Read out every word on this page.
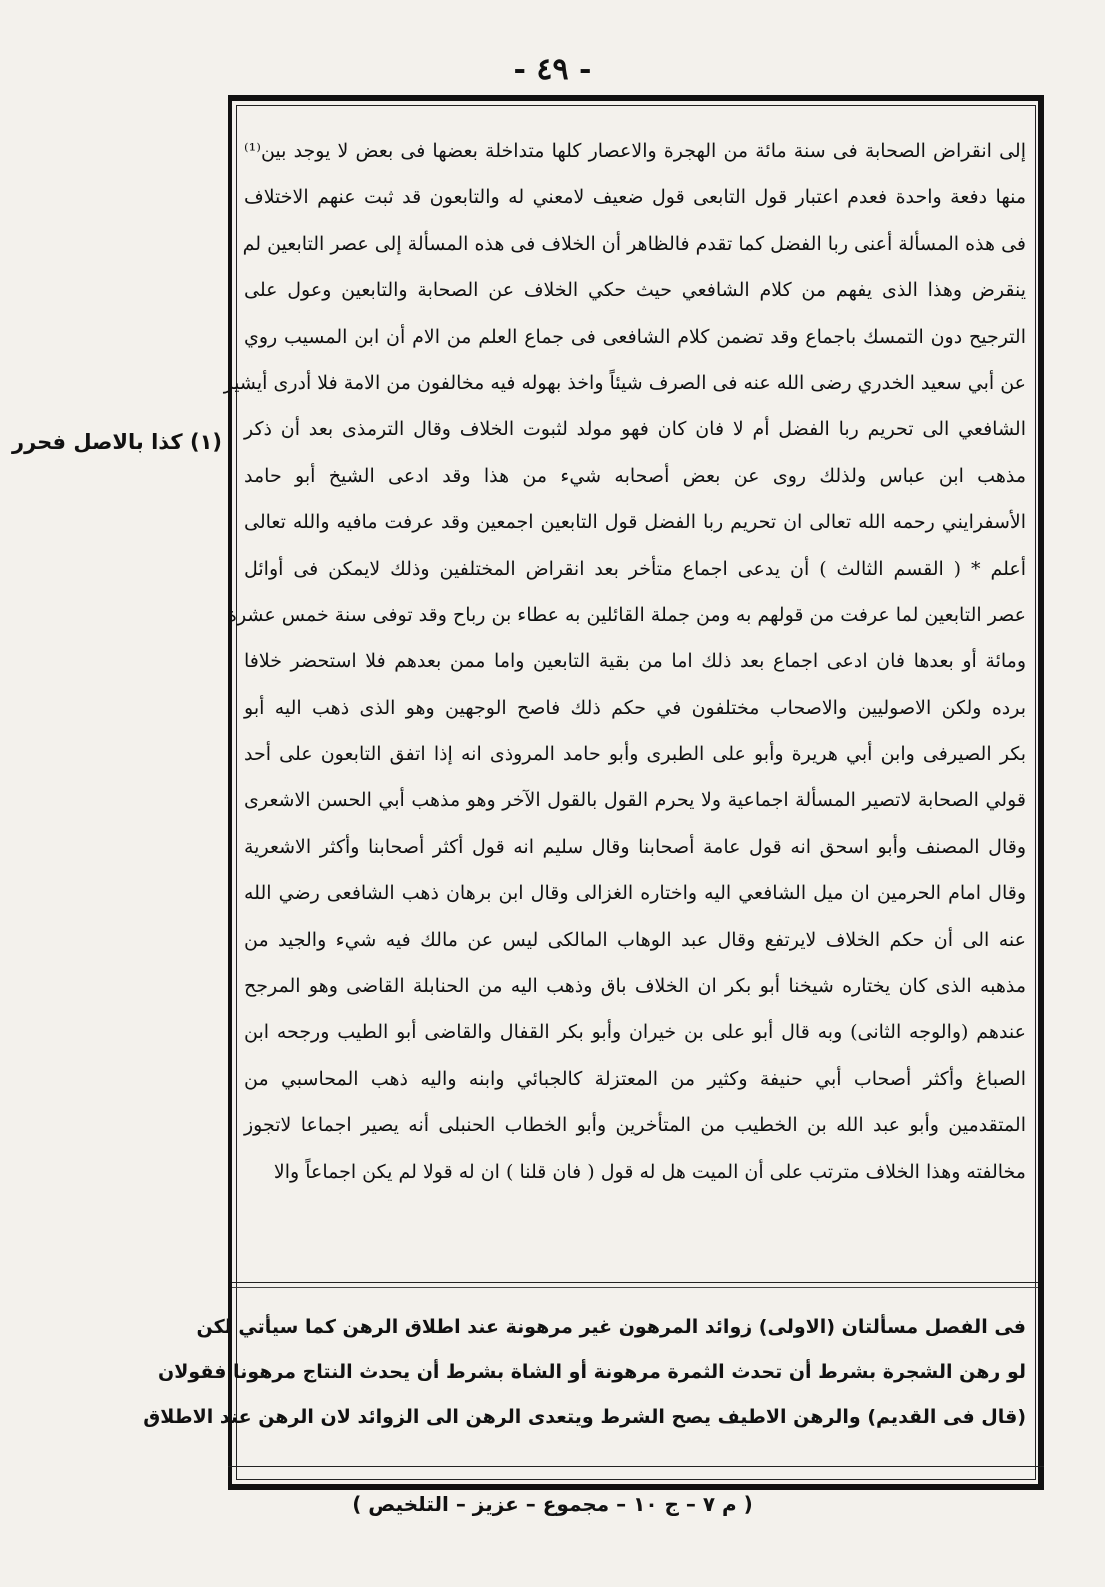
- ٤٩ -
(١) كذا بالاصل فحرر
إلى انقراض الصحابة فى سنة مائة من الهجرة والاعصار كلها متداخلة بعضها فى بعض لا يوجد بين⁽¹⁾
منها دفعة واحدة فعدم اعتبار قول التابعى قول ضعيف لامعني له والتابعون قد ثبت عنهم الاختلاف
فى هذه المسألة أعنى ربا الفضل كما تقدم فالظاهر أن الخلاف فى هذه المسألة إلى عصر التابعين لم
ينقرض وهذا الذى يفهم من كلام الشافعي حيث حكي الخلاف عن الصحابة والتابعين وعول على
الترجيح دون التمسك باجماع وقد تضمن كلام الشافعى فى جماع العلم من الام أن ابن المسيب روي
عن أبي سعيد الخدري رضى الله عنه فى الصرف شيئاً واخذ بهوله فيه مخالفون من الامة فلا أدرى أيشير
الشافعي الى تحريم ربا الفضل أم لا فان كان فهو مولد لثبوت الخلاف وقال الترمذى بعد أن ذكر
مذهب ابن عباس ولذلك روى عن بعض أصحابه شيء من هذا وقد ادعى الشيخ أبو حامد
الأسفرايني رحمه الله تعالى ان تحريم ربا الفضل قول التابعين اجمعين وقد عرفت مافيه والله تعالى
أعلم * ( القسم الثالث ) أن يدعى اجماع متأخر بعد انقراض المختلفين وذلك لايمكن فى أوائل
عصر التابعين لما عرفت من قولهم به ومن جملة القائلين به عطاء بن رباح وقد توفى سنة خمس عشرة
ومائة أو بعدها فان ادعى اجماع بعد ذلك اما من بقية التابعين واما ممن بعدهم فلا استحضر خلافا
برده ولكن الاصوليين والاصحاب مختلفون في حكم ذلك فاصح الوجهين وهو الذى ذهب اليه أبو
بكر الصيرفى وابن أبي هريرة وأبو على الطبرى وأبو حامد المروذى انه إذا اتفق التابعون على أحد
قولي الصحابة لاتصير المسألة اجماعية ولا يحرم القول بالقول الآخر وهو مذهب أبي الحسن الاشعرى
وقال المصنف وأبو اسحق انه قول عامة أصحابنا وقال سليم انه قول أكثر أصحابنا وأكثر الاشعرية
وقال امام الحرمين ان ميل الشافعي اليه واختاره الغزالى وقال ابن برهان ذهب الشافعى رضي الله
عنه الى أن حكم الخلاف لايرتفع وقال عبد الوهاب المالكى ليس عن مالك فيه شيء والجيد من
مذهبه الذى كان يختاره شيخنا أبو بكر ان الخلاف باق وذهب اليه من الحنابلة القاضى وهو المرجح
عندهم (والوجه الثانى) وبه قال أبو على بن خيران وأبو بكر القفال والقاضى أبو الطيب ورجحه ابن
الصباغ وأكثر أصحاب أبي حنيفة وكثير من المعتزلة كالجبائي وابنه واليه ذهب المحاسبي من
المتقدمين وأبو عبد الله بن الخطيب من المتأخرين وأبو الخطاب الحنبلى أنه يصير اجماعا لاتجوز
مخالفته وهذا الخلاف مترتب على أن الميت هل له قول ( فان قلنا ) ان له قولا لم يكن اجماعاً والا
فى الفصل مسألتان (الاولى) زوائد المرهون غير مرهونة عند اطلاق الرهن كما سيأتي لكن
لو رهن الشجرة بشرط أن تحدث الثمرة مرهونة أو الشاة بشرط أن يحدث النتاج مرهونا فقولان
(قال فى القديم) والرهن الاطيف يصح الشرط ويتعدى الرهن الى الزوائد لان الرهن عند الاطلاق
( م ٧ – ج ١٠ – مجموع – عزيز – التلخيص )
